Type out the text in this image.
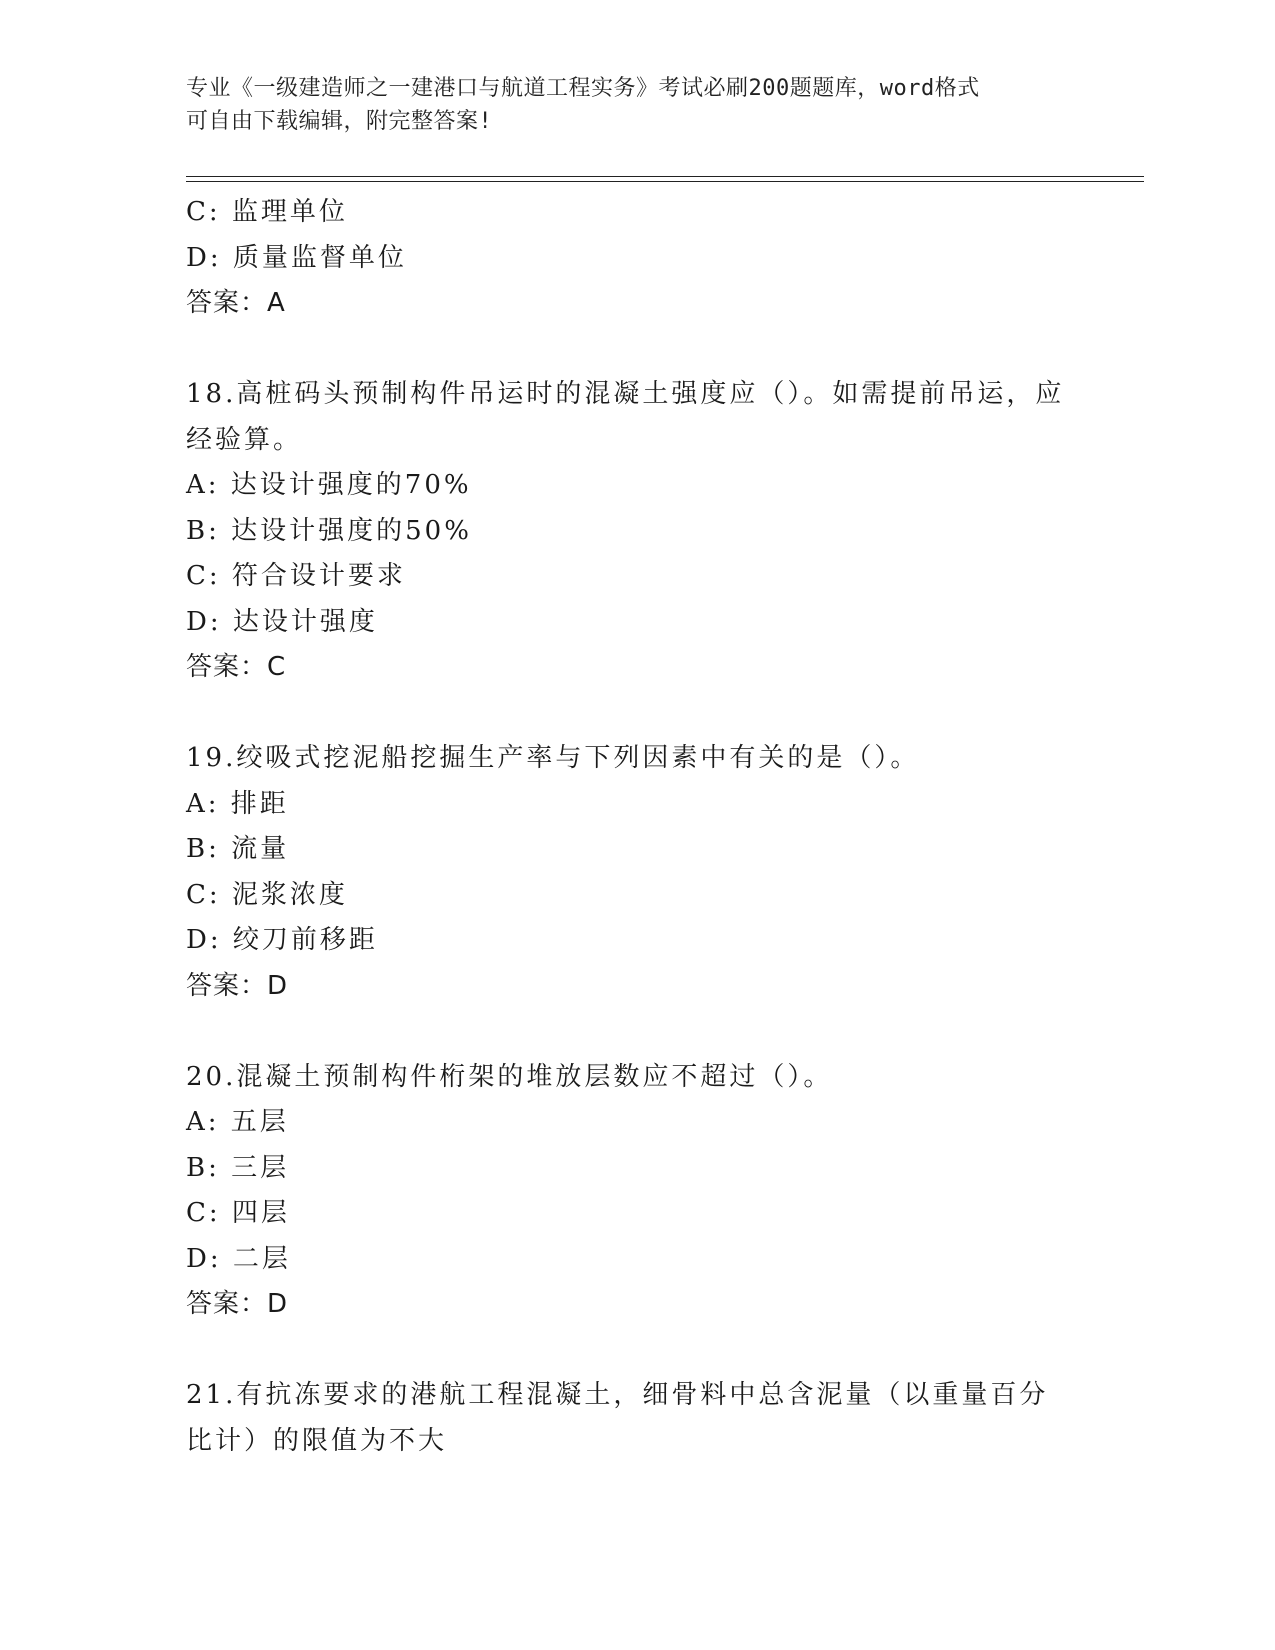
专业《一级建造师之一建港口与航道工程实务》考试必刷200题题库，word格式
可自由下载编辑，附完整答案!
C: 监理单位
D: 质量监督单位
答案：A
18.高桩码头预制构件吊运时的混凝土强度应（）。如需提前吊运，应经验算。
A: 达设计强度的70%
B: 达设计强度的50%
C: 符合设计要求
D: 达设计强度
答案：C
19.绞吸式挖泥船挖掘生产率与下列因素中有关的是（）。
A: 排距
B: 流量
C: 泥浆浓度
D: 绞刀前移距
答案：D
20.混凝土预制构件桁架的堆放层数应不超过（）。
A: 五层
B: 三层
C: 四层
D: 二层
答案：D
21.有抗冻要求的港航工程混凝土，细骨料中总含泥量（以重量百分比计）的限值为不大
